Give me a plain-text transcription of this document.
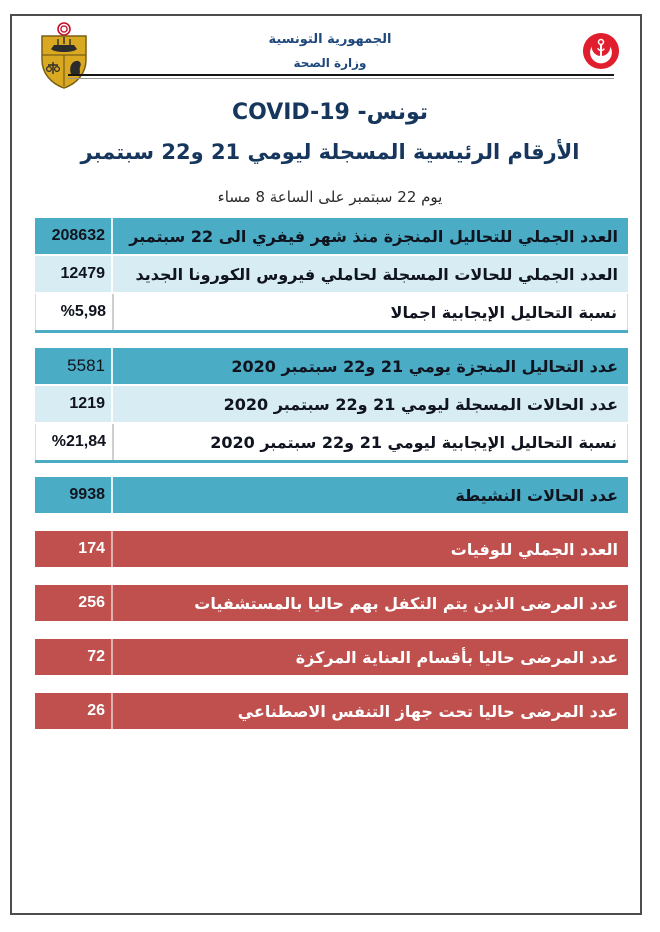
الجمهورية التونسية
وزارة الصحة
COVID-19 -تونس
الأرقام الرئيسية المسجلة ليومي 21 و22 سبتمبر
يوم 22 سبتمبر على الساعة 8 مساء
208632	العدد الجملي للتحاليل المنجزة منذ شهر فيفري الى 22 سبتمبر
12479	العدد الجملي للحالات المسجلة لحاملي فيروس الكورونا الجديد
%5,98	نسبة التحاليل الإيجابية اجمالا
5581	عدد التحاليل المنجزة يومي 21 و22 سبتمبر 2020
1219	عدد الحالات المسجلة ليومي 21 و22 سبتمبر 2020
%21,84	نسبة التحاليل الإيجابية ليومي 21 و22 سبتمبر 2020
9938	عدد الحالات النشيطة
174	العدد الجملي للوفيات
256	عدد المرضى الذين يتم التكفل بهم حاليا بالمستشفيات
72	عدد المرضى حاليا بأقسام العناية المركزة
26	عدد المرضى حاليا تحت جهاز التنفس الاصطناعي
